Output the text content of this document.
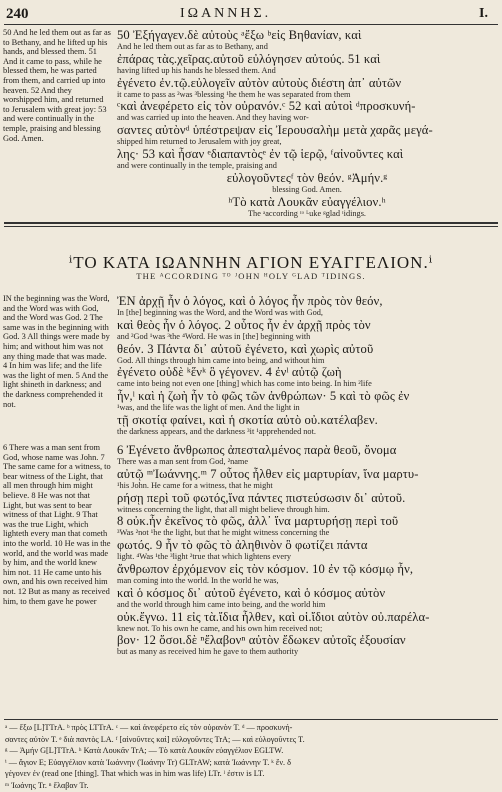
240	ΙΩΑΝΝΗΣ.	I.

50 And he led them out as far as to Bethany, and he lifted up his hands, and blessed them. 51 And it came to pass, while he blessed them, he was parted from them, and carried up into heaven. 52 And they worshipped him, and returned to Jerusalem with great joy: 53 and were continually in the temple, praising and blessing God. Amen.

50 Ἐξήγαγεν.δὲ αὐτοὺς ᵃἔξω ᵇεἰς Βηθανίαν, καὶ
And he led them out as far as to Bethany, and
ἐπάρας τὰς.χεῖρας.αὐτοῦ εὐλόγησεν αὐτούς. 51 καὶ
having lifted up his hands he blessed them. And
ἐγένετο ἐν.τῷ.εὐλογεῖν αὐτὸν αὐτοὺς διέστη ἀπ᾽ αὐτῶν
it came to pass as ²was ³blessing ¹he them he was separated from them
ᶜκαὶ ἀνεφέρετο εἰς τὸν οὐρανόν.ᶜ 52 καὶ αὐτοὶ ᵈπροσκυνή-
and was carried up into the heaven. And they having wor-
σαντες αὐτὸνᵈ ὑπέστρεψαν εἰς Ἰερουσαλὴμ μετὰ χαρᾶς μεγά-
shipped him returned to Jerusalem with joy great,
λης· 53 καὶ ἦσαν ᵉδιαπαντὸςᵉ ἐν τῷ ἱερῷ, ᶠαἰνοῦντες καὶ
and were continually in the temple, praising and
εὐλογοῦντεςᶠ τὸν θεόν. ᵍἈμήν.ᵍ
blessing God. Amen.
ʰΤὸ κατὰ Λουκᾶν εὐαγγέλιον.ʰ
The ᵃaccording ᵗᵒ ᴸuke ᵍglad ᵗidings.
ⁱΤΟ ΚΑΤΑ ΙΩΑΝΝΗΝ ΑΓΙΟΝ ΕΥΑΓΓΕΛΙΟΝ.ⁱ
THE ᴬCCORDING ᵀᴼ ᴶOHN ᴴOLY ᴳLAD ᵀIDINGS.

IN the beginning was the Word, and the Word was with God, and the Word was God. 2 The same was in the beginning with God. 3 All things were made by him; and without him was not any thing made that was made. 4 In him was life; and the life was the light of men. 5 And the light shineth in darkness; and the darkness comprehended it not.

ἘΝ ἀρχῇ ἦν ὁ λόγος, καὶ ὁ λόγος ἦν πρὸς τὸν θεόν,
In [the] beginning was the Word, and the Word was with God,
καὶ θεὸς ἦν ὁ λόγος. 2 οὗτος ἦν ἐν ἀρχῇ πρὸς τὸν
and ²God ¹was ³the ⁴Word. He was in [the] beginning with
θεόν. 3 Πάντα δι᾽ αὐτοῦ ἐγένετο, καὶ χωρὶς αὐτοῦ
God. All things through him came into being, and without him
ἐγένετο οὐδὲ ᵏἕνᵏ ὃ γέγονεν. 4 ἐνˡ αὐτῷ ζωὴ
came into being not even one [thing] which has come into being. In him ²life
ἦν,ˡ καὶ ἡ ζωὴ ἦν τὸ φῶς τῶν ἀνθρώπων· 5 καὶ τὸ φῶς ἐν
¹was, and the life was the light of men. And the light in
τῇ σκοτίᾳ φαίνει, καὶ ἡ σκοτία αὐτὸ οὐ.κατέλαβεν.
the darkness appears, and the darkness ³it ¹apprehended not.

6 There was a man sent from God, whose name was John. 7 The same came for a witness, to bear witness of the Light, that all men through him might believe. 8 He was not that Light, but was sent to bear witness of that Light. 9 That was the true Light, which lighteth every man that cometh into the world. 10 He was in the world, and the world was made by him, and the world knew him not. 11 He came unto his own, and his own received him not. 12 But as many as received him, to them gave he power

6 Ἐγένετο ἄνθρωπος ἀπεσταλμένος παρὰ θεοῦ, ὄνομα
There was a man sent from God, ²name
αὐτῷ ᵐἸωάννης.ᵐ 7 οὗτος ἦλθεν εἰς μαρτυρίαν, ἵνα μαρτυ-
¹his John. He came for a witness, that he might
ρήσῃ περὶ τοῦ φωτός,ἵνα πάντες πιστεύσωσιν δι᾽ αὐτοῦ.
witness concerning the light, that all might believe through him.
8 οὐκ.ἦν ἐκεῖνος τὸ φῶς, ἀλλ᾽ ἵνα μαρτυρήσῃ περὶ τοῦ
³Was ²not ¹he the light, but that he might witness concerning the
φωτός. 9 ἦν τὸ φῶς τὸ ἀληθινὸν ὃ φωτίζει πάντα
light. ⁴Was ¹the ³light ²true that which lightens every
ἄνθρωπον ἐρχόμενον εἰς τὸν κόσμον. 10 ἐν τῷ κόσμῳ ἦν,
man coming into the world. In the world he was,
καὶ ὁ κόσμος δι᾽ αὐτοῦ ἐγένετο, καὶ ὁ κόσμος αὐτὸν
and the world through him came into being, and the world him
οὐκ.ἔγνω. 11 εἰς τὰ.ἴδια ἦλθεν, καὶ οἱ.ἴδιοι αὐτὸν οὐ.παρέλα-
knew not. To his own he came, and his own him received not;
βον· 12 ὅσοι.δὲ ⁿἔλαβονⁿ αὐτὸν ἔδωκεν αὐτοῖς ἐξουσίαν
but as many as received him he gave to them authority
ᵃ — ἔξω [L]TTrA. ᵇ πρὸς LTTrA. ᶜ — καὶ ἀνεφέρετο εἰς τὸν οὐρανὸν T. ᵈ — προσκυνή-
σαντες αὐτὸν T. ᵉ διὰ παντὸς LA. ᶠ [αἰνοῦντες καὶ] εὐλογοῦντες TrA; — καὶ εὐλογοῦντες T.
ᵍ — Ἀμήν G[L]TTrA. ʰ Κατὰ Λουκᾶν TrA; — Τὸ κατὰ Λουκᾶν εὐαγγέλιον EGLTW.
ⁱ — ἅγιον E; Εὐαγγέλιον κατὰ Ἰωάννην (Ἰωάνην Tr) GLTrAW; κατὰ Ἰωάννην T. ᵏ ἕν. δ
γέγονεν ἐν (read one [thing]. That which was in him was life) LTr. ˡ ἐστιν is LT.
ᵐ Ἰωάνης Tr. ⁿ ἔλαβαν Tr.
